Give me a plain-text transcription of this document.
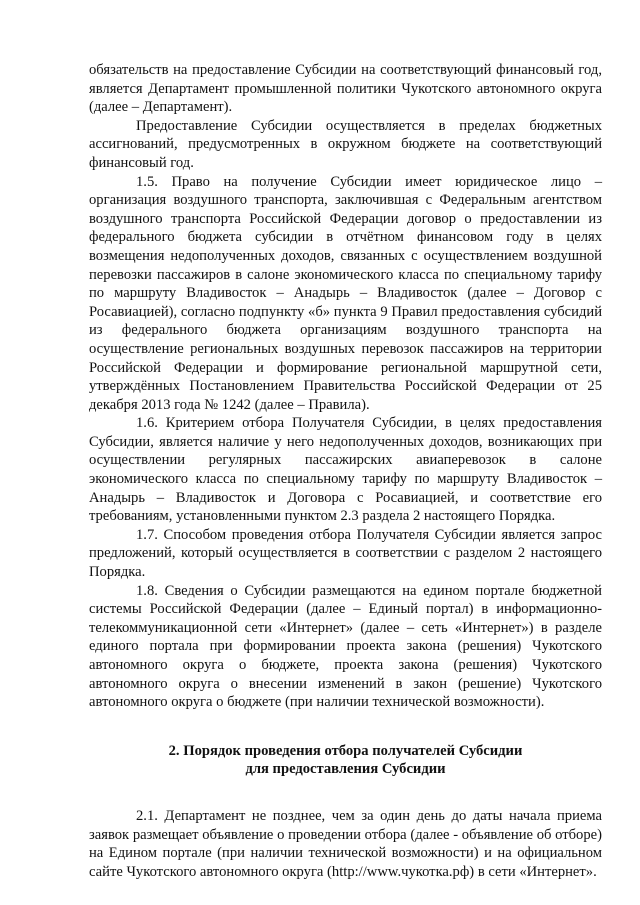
обязательств на предоставление Субсидии на соответствующий финансовый год, является Департамент промышленной политики Чукотского автономного округа (далее – Департамент).

Предоставление Субсидии осуществляется в пределах бюджетных ассигнований, предусмотренных в окружном бюджете на соответствующий финансовый год.

1.5. Право на получение Субсидии имеет юридическое лицо – организация воздушного транспорта, заключившая с Федеральным агентством воздушного транспорта Российской Федерации договор о предоставлении из федерального бюджета субсидии в отчётном финансовом году в целях возмещения недополученных доходов, связанных с осуществлением воздушной перевозки пассажиров в салоне экономического класса по специальному тарифу по маршруту Владивосток – Анадырь – Владивосток (далее – Договор с Росавиацией), согласно подпункту «б» пункта 9 Правил предоставления субсидий из федерального бюджета организациям воздушного транспорта на осуществление региональных воздушных перевозок пассажиров на территории Российской Федерации и формирование региональной маршрутной сети, утверждённых Постановлением Правительства Российской Федерации от 25 декабря 2013 года № 1242 (далее – Правила).

1.6. Критерием отбора Получателя Субсидии, в целях предоставления Субсидии, является наличие у него недополученных доходов, возникающих при осуществлении регулярных пассажирских авиаперевозок в салоне экономического класса по специальному тарифу по маршруту Владивосток – Анадырь – Владивосток и Договора с Росавиацией, и соответствие его требованиям, установленными пунктом 2.3 раздела 2 настоящего Порядка.

1.7. Способом проведения отбора Получателя Субсидии является запрос предложений, который осуществляется в соответствии с разделом 2 настоящего Порядка.

1.8. Сведения о Субсидии размещаются на едином портале бюджетной системы Российской Федерации (далее – Единый портал) в информационно-телекоммуникационной сети «Интернет» (далее – сеть «Интернет») в разделе единого портала при формировании проекта закона (решения) Чукотского автономного округа о бюджете, проекта закона (решения) Чукотского автономного округа о внесении изменений в закон (решение) Чукотского автономного округа о бюджете (при наличии технической возможности).

2. Порядок проведения отбора получателей Субсидии
для предоставления Субсидии

2.1. Департамент не позднее, чем за один день до даты начала приема заявок размещает объявление о проведении отбора (далее - объявление об отборе) на Едином портале (при наличии технической возможности) и на официальном сайте Чукотского автономного округа (http://www.чукотка.рф) в сети «Интернет».
